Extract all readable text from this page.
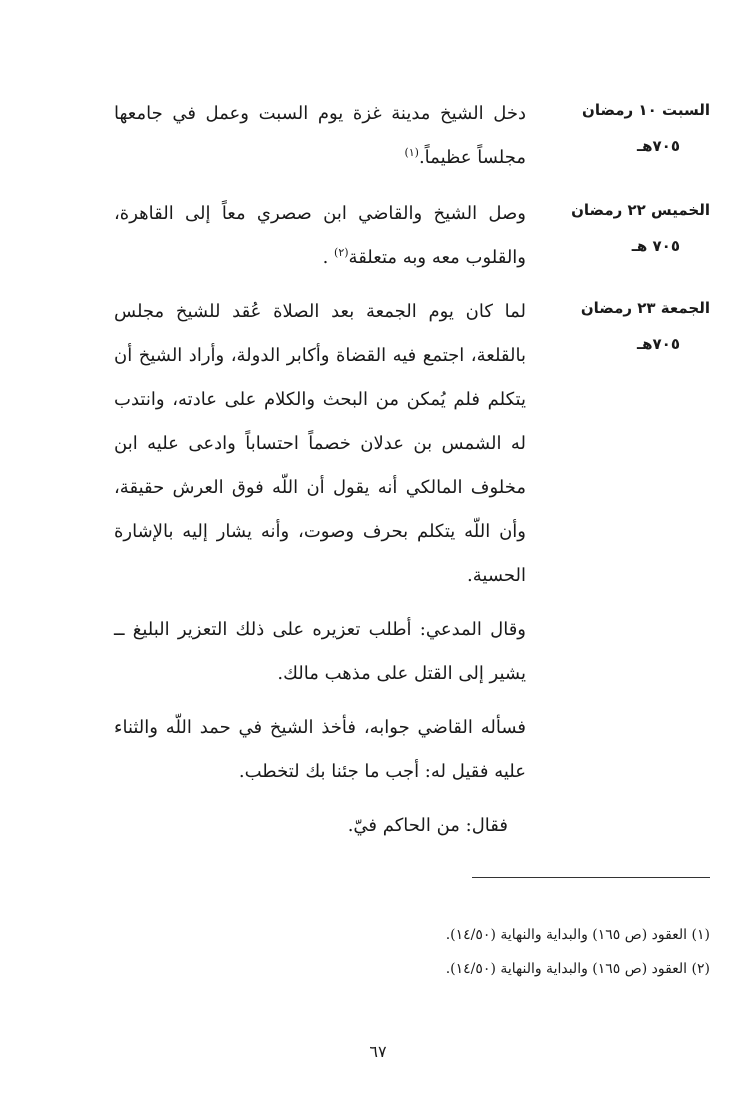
السبت ١٠ رمضان
٧٠٥هـ

دخل الشيخ مدينة غزة يوم السبت وعمل في جامعها مجلساً عظيماً.$^{(١)}$

الخميس ٢٢ رمضان
٧٠٥ هـ

وصل الشيخ والقاضي ابن صصري معاً إلى القاهرة، والقلوب معه وبه متعلقة$^{(٢)}$ .

الجمعة ٢٣ رمضان
٧٠٥هـ

لما كان يوم الجمعة بعد الصلاة عُقد للشيخ مجلس بالقلعة، اجتمع فيه القضاة وأكابر الدولة، وأراد الشيخ أن يتكلم فلم يُمكن من البحث والكلام على عادته، وانتدب له الشمس بن عدلان خصماً احتساباً وادعى عليه ابن مخلوف المالكي أنه يقول أن اللّه فوق العرش حقيقة، وأن اللّه يتكلم بحرف وصوت، وأنه يشار إليه بالإشارة الحسية.

وقال المدعي: أطلب تعزيره على ذلك التعزير البليغ ــ يشير إلى القتل على مذهب مالك.

فسأله القاضي جوابه، فأخذ الشيخ في حمد اللّه والثناء عليه فقيل له: أجب ما جئنا بك لتخطب.

فقال: من الحاكم فيّ.

(١) العقود (ص ١٦٥) والبداية والنهاية (١٤/٥٠).
(٢) العقود (ص ١٦٥) والبداية والنهاية (١٤/٥٠).
٦٧
